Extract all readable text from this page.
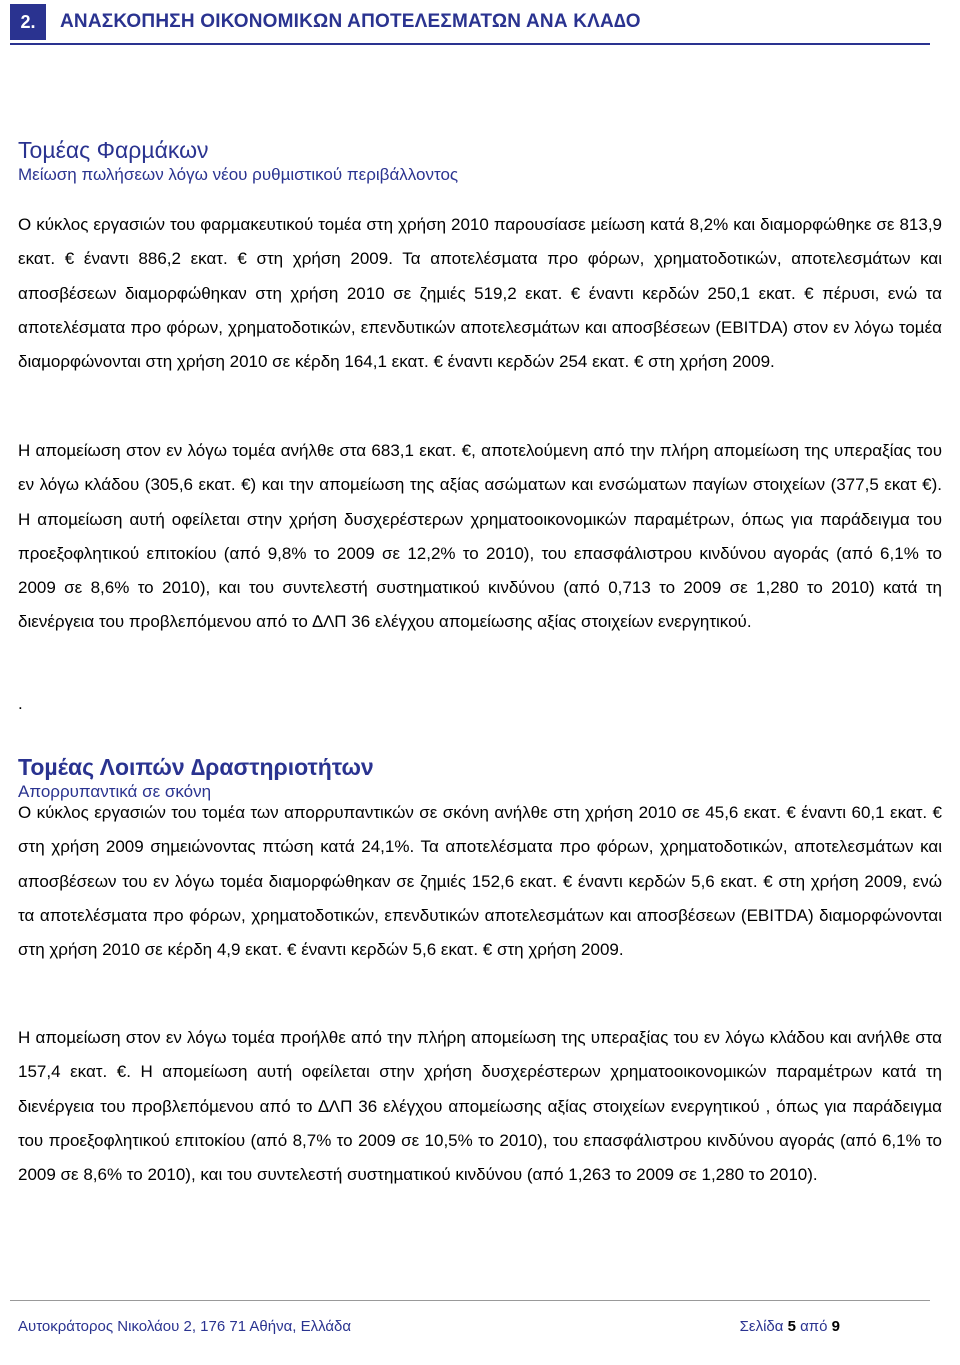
2.	ΑΝΑΣΚΟΠΗΣΗ ΟΙΚΟΝΟΜΙΚΩΝ ΑΠΟΤΕΛΕΣΜΑΤΩΝ ΑΝΑ ΚΛΑ∆Ο
Τοµέας Φαρµάκων

Μείωση πωλήσεων λόγω νέου ρυθµιστικού περιβάλλοντος

Ο κύκλος εργασιών του φαρµακευτικού τοµέα στη χρήση 2010 παρουσίασε µείωση κατά 8,2% και διαµορφώθηκε σε 813,9 εκατ. € έναντι 886,2 εκατ. € στη χρήση 2009. Τα αποτελέσµατα προ φόρων, χρηµατοδοτικών, αποτελεσµάτων και αποσβέσεων διαµορφώθηκαν στη χρήση 2010 σε ζηµιές 519,2 εκατ. € έναντι κερδών 250,1 εκατ. € πέρυσι, ενώ τα αποτελέσµατα προ φόρων, χρηµατοδοτικών, επενδυτικών αποτελεσµάτων και αποσβέσεων (EBITDA) στον εν λόγω τοµέα διαµορφώνονται στη χρήση 2010 σε κέρδη 164,1 εκατ. € έναντι κερδών 254 εκατ. € στη χρήση 2009.

Η αποµείωση στον εν λόγω τοµέα ανήλθε στα 683,1 εκατ. €, αποτελούµενη από την πλήρη αποµείωση της υπεραξίας του εν λόγω κλάδου (305,6 εκατ. €) και την αποµείωση της αξίας ασώµατων και ενσώµατων παγίων στοιχείων (377,5 εκατ €). Η αποµείωση αυτή οφείλεται στην χρήση δυσχερέστερων χρηµατοοικονοµικών παραµέτρων, όπως για παράδειγµα του προεξοφλητικού επιτοκίου (από 9,8% το 2009 σε 12,2% το 2010), του επασφάλιστρου κινδύνου αγοράς (από 6,1% το 2009 σε 8,6% το 2010), και του συντελεστή συστηµατικού κινδύνου (από 0,713 το 2009 σε 1,280 το 2010) κατά τη διενέργεια του προβλεπόµενου από το ∆ΛΠ 36 ελέγχου αποµείωσης αξίας στοιχείων ενεργητικού.

.
Τοµέας Λοιπών ∆ραστηριοτήτων

Απορρυπαντικά σε σκόνη

Ο κύκλος εργασιών του τοµέα των απορρυπαντικών σε σκόνη ανήλθε στη χρήση 2010 σε 45,6 εκατ. € έναντι 60,1 εκατ. € στη χρήση 2009 σηµειώνοντας πτώση κατά 24,1%. Τα αποτελέσµατα προ φόρων, χρηµατοδοτικών, αποτελεσµάτων και αποσβέσεων του εν λόγω τοµέα διαµορφώθηκαν σε ζηµιές 152,6 εκατ. € έναντι κερδών 5,6 εκατ. € στη χρήση 2009, ενώ τα αποτελέσµατα προ φόρων, χρηµατοδοτικών, επενδυτικών αποτελεσµάτων και αποσβέσεων (EBITDA) διαµορφώνονται στη χρήση 2010 σε κέρδη 4,9 εκατ. € έναντι κερδών 5,6 εκατ. € στη χρήση 2009.

Η αποµείωση στον εν λόγω τοµέα προήλθε από την πλήρη αποµείωση της υπεραξίας του εν λόγω κλάδου και ανήλθε στα 157,4 εκατ. €. Η αποµείωση αυτή οφείλεται στην χρήση δυσχερέστερων χρηµατοοικονοµικών παραµέτρων κατά τη διενέργεια του προβλεπόµενου από το ∆ΛΠ 36 ελέγχου αποµείωσης αξίας στοιχείων ενεργητικού , όπως για παράδειγµα του προεξοφλητικού επιτοκίου (από 8,7% το 2009 σε 10,5% το 2010), του επασφάλιστρου κινδύνου αγοράς (από 6,1% το 2009 σε 8,6% το 2010), και του συντελεστή συστηµατικού κινδύνου (από 1,263 το 2009 σε 1,280 το 2010).

Αυτοκράτορος Νικολάου 2, 176 71 Αθήνα, Ελλάδα	Σελίδα 5 από 9
